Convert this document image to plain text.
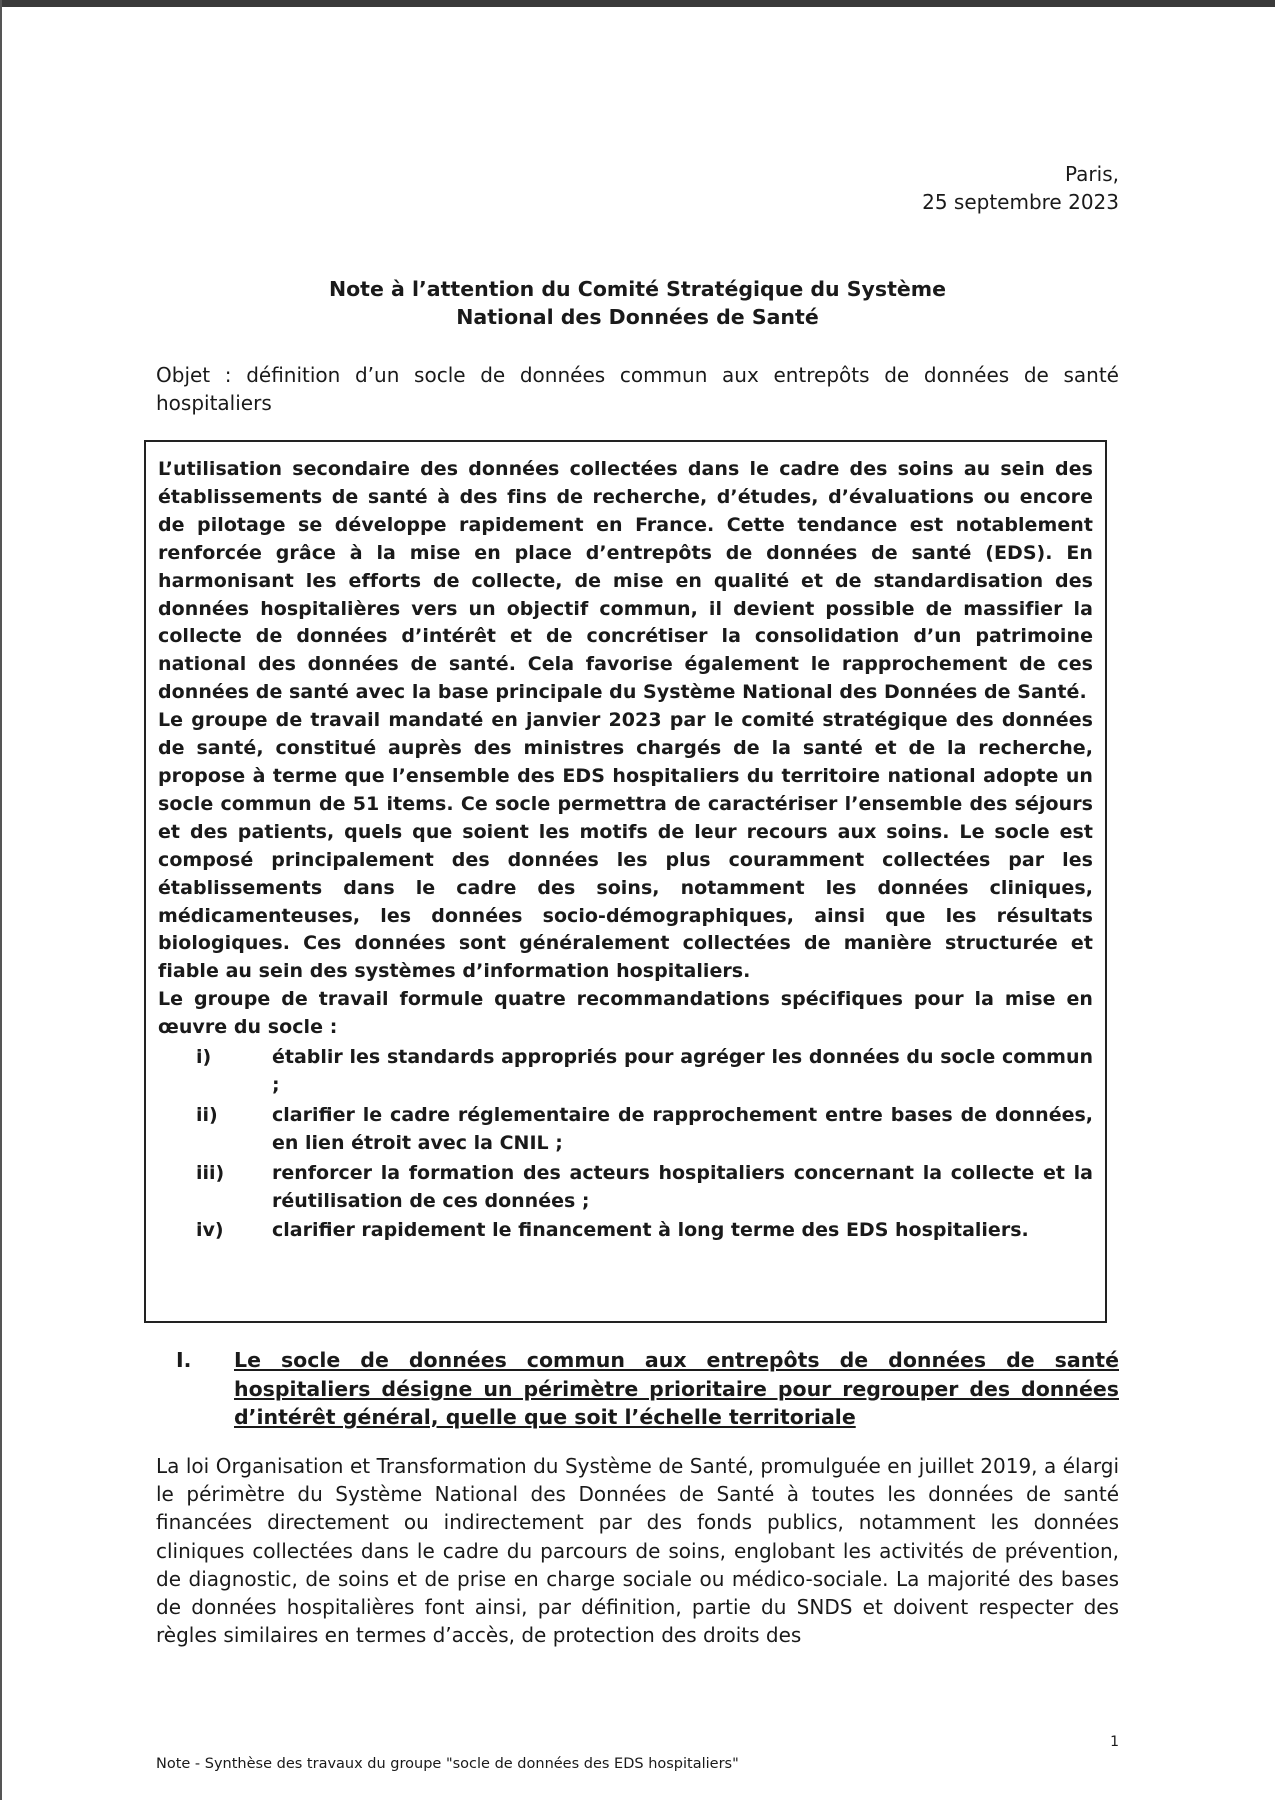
Paris,
25 septembre 2023
Note à l’attention du Comité Stratégique du Système
National des Données de Santé
Objet : définition d’un socle de données commun aux entrepôts de données de santé hospitaliers

L’utilisation secondaire des données collectées dans le cadre des soins au sein des établissements de santé à des fins de recherche, d’études, d’évaluations ou encore de pilotage se développe rapidement en France. Cette tendance est notablement renforcée grâce à la mise en place d’entrepôts de données de santé (EDS). En harmonisant les efforts de collecte, de mise en qualité et de standardisation des données hospitalières vers un objectif commun, il devient possible de massifier la collecte de données d’intérêt et de concrétiser la consolidation d’un patrimoine national des données de santé. Cela favorise également le rapprochement de ces données de santé avec la base principale du Système National des Données de Santé.

Le groupe de travail mandaté en janvier 2023 par le comité stratégique des données de santé, constitué auprès des ministres chargés de la santé et de la recherche, propose à terme que l’ensemble des EDS hospitaliers du territoire national adopte un socle commun de 51 items. Ce socle permettra de caractériser l’ensemble des séjours et des patients, quels que soient les motifs de leur recours aux soins. Le socle est composé principalement des données les plus couramment collectées par les établissements dans le cadre des soins, notamment les données cliniques, médicamenteuses, les données socio-démographiques, ainsi que les résultats biologiques. Ces données sont généralement collectées de manière structurée et fiable au sein des systèmes d’information hospitaliers.

Le groupe de travail formule quatre recommandations spécifiques pour la mise en œuvre du socle :

i)	établir les standards appropriés pour agréger les données du socle commun ;
ii)	clarifier le cadre réglementaire de rapprochement entre bases de données, en lien étroit avec la CNIL ;
iii)	renforcer la formation des acteurs hospitaliers concernant la collecte et la réutilisation de ces données ;
iv)	clarifier rapidement le financement à long terme des EDS hospitaliers.
I.	Le socle de données commun aux entrepôts de données de santé hospitaliers désigne un périmètre prioritaire pour regrouper des données d’intérêt général, quelle que soit l’échelle territoriale

La loi Organisation et Transformation du Système de Santé, promulguée en juillet 2019, a élargi le périmètre du Système National des Données de Santé à toutes les données de santé financées directement ou indirectement par des fonds publics, notamment les données cliniques collectées dans le cadre du parcours de soins, englobant les activités de prévention, de diagnostic, de soins et de prise en charge sociale ou médico-sociale. La majorité des bases de données hospitalières font ainsi, par définition, partie du SNDS et doivent respecter des règles similaires en termes d’accès, de protection des droits des

1
Note - Synthèse des travaux du groupe "socle de données des EDS hospitaliers"
